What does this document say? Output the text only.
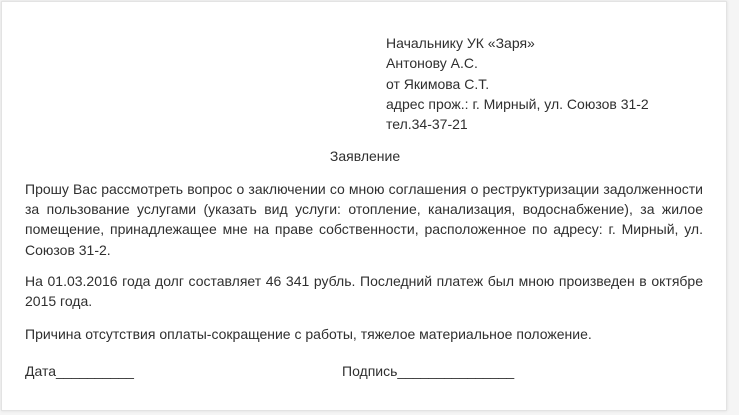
Начальнику УК «Заря»
Антонову А.С.
от Якимова С.Т.
адрес прож.: г. Мирный, ул. Союзов 31-2
тел.34-37-21
Заявление
Прошу Вас рассмотреть вопрос о заключении со мною соглашения о реструктуризации задолженности за пользование услугами (указать вид услуги: отопление, канализация, водоснабжение), за жилое помещение, принадлежащее мне на праве собственности, расположенное по адресу: г. Мирный, ул. Союзов 31-2.
На 01.03.2016 года долг составляет 46 341 рубль. Последний платеж был мною произведен в октябре 2015 года.
Причина отсутствия оплаты-сокращение с работы, тяжелое материальное положение.
Дата__________	Подпись_______________
